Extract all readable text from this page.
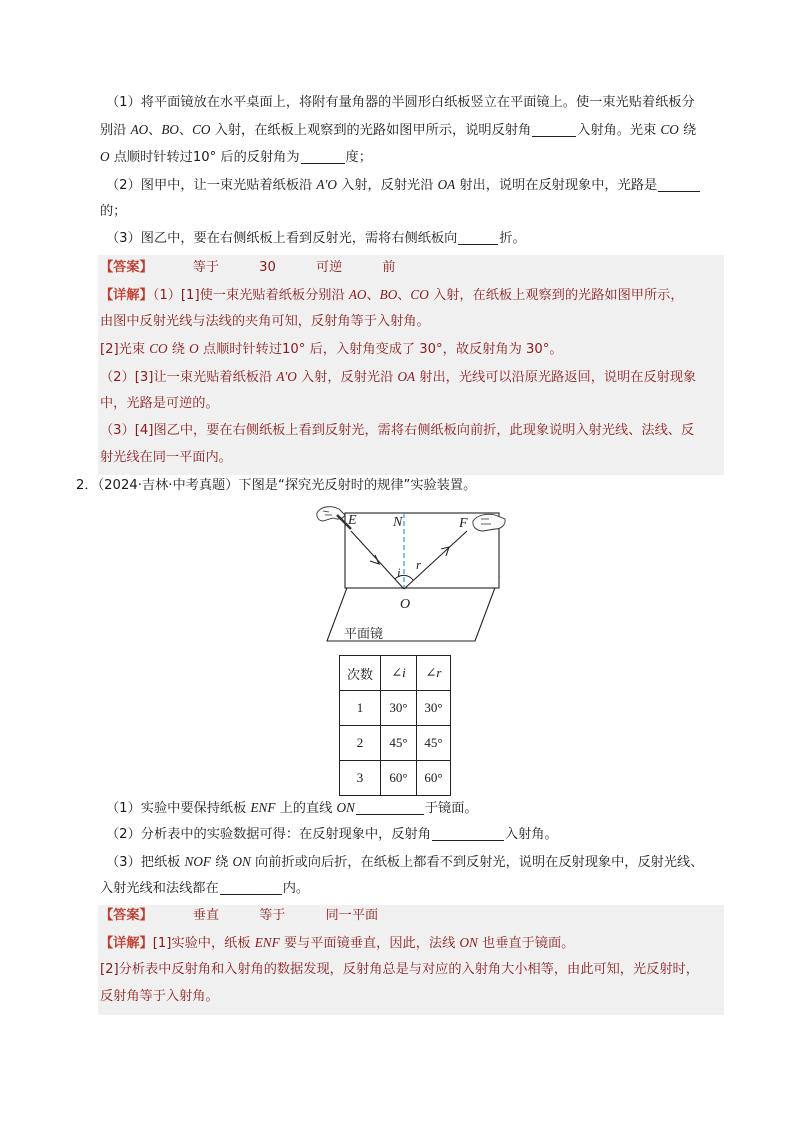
（1）将平面镜放在水平桌面上，将附有量角器的半圆形白纸板竖立在平面镜上。使一束光贴着纸板分
别沿 AO、BO、CO 入射，在纸板上观察到的光路如图甲所示，说明反射角	入射角。光束 CO 绕
O 点顺时针转过10° 后的反射角为	度；
（2）图甲中，让一束光贴着纸板沿 A′O 入射，反射光沿 OA 射出，说明在反射现象中，光路是
的；
（3）图乙中，要在右侧纸板上看到反射光，需将右侧纸板向	折。
【答案】	等于	30	可逆	前
【详解】（1）[1]使一束光贴着纸板分别沿 AO、BO、CO 入射，在纸板上观察到的光路如图甲所示，
由图中反射光线与法线的夹角可知，反射角等于入射角。
[2]光束 CO 绕 O 点顺时针转过10° 后，入射角变成了 30°，故反射角为 30°。
（2）[3]让一束光贴着纸板沿 A′O 入射，反射光沿 OA 射出，光线可以沿原光路返回，说明在反射现象
中，光路是可逆的。
（3）[4]图乙中，要在右侧纸板上看到反射光，需将右侧纸板向前折，此现象说明入射光线、法线、反
射光线在同一平面内。
2．（2024·吉林·中考真题）下图是“探究光反射时的规律”实验装置。
E	N	F
i
r
O
平面镜
次数	∠i	∠r
1	30°	30°
2	45°	45°
3	60°	60°
（1）实验中要保持纸板 ENF 上的直线 ON	于镜面。
（2）分析表中的实验数据可得：在反射现象中，反射角	入射角。
（3）把纸板 NOF 绕 ON 向前折或向后折，在纸板上都看不到反射光，说明在反射现象中，反射光线、
入射光线和法线都在	内。
【答案】	垂直	等于	同一平面
【详解】[1]实验中，纸板 ENF 要与平面镜垂直，因此，法线 ON 也垂直于镜面。
[2]分析表中反射角和入射角的数据发现，反射角总是与对应的入射角大小相等，由此可知，光反射时，
反射角等于入射角。
